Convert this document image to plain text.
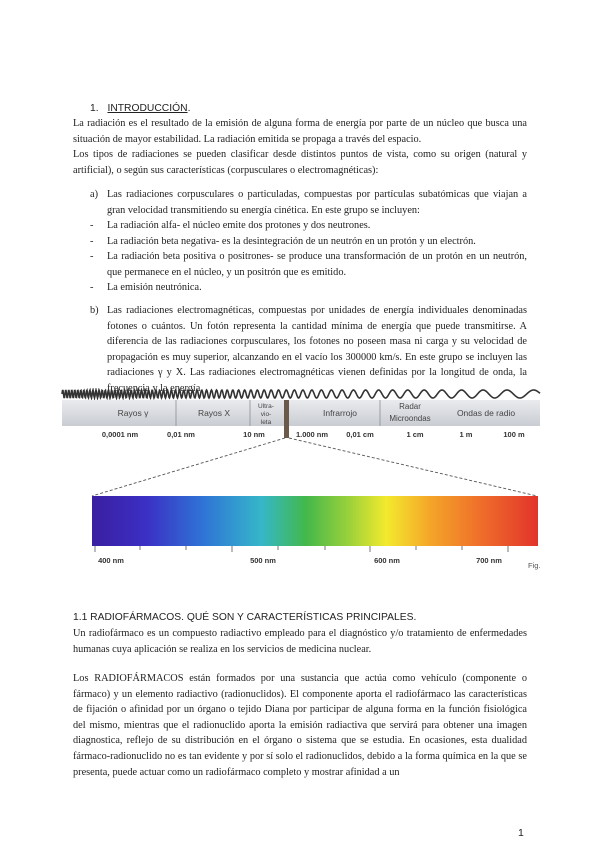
1. INTRODUCCIÓN.

La radiación es el resultado de la emisión de alguna forma de energía por parte de un núcleo que busca una situación de mayor estabilidad. La radiación emitida se propaga a través del espacio.

Los tipos de radiaciones se pueden clasificar desde distintos puntos de vista, como su origen (natural y artificial), o según sus características (corpusculares o electromagnéticas):

a) Las radiaciones corpusculares o particuladas, compuestas por partículas subatómicas que viajan a gran velocidad transmitiendo su energía cinética. En este grupo se incluyen:

- La radiación alfa- el núcleo emite dos protones y dos neutrones.

- La radiación beta negativa- es la desintegración de un neutrón en un protón y un electrón.

- La radiación beta positiva o positrones- se produce una transformación de un protón en un neutrón, que permanece en el núcleo, y un positrón que es emitido.

- La emisión neutrónica.

b) Las radiaciones electromagnéticas, compuestas por unidades de energía individuales denominadas fotones o cuántos. Un fotón representa la cantidad mínima de energía que puede transmitirse. A diferencia de las radiaciones corpusculares, los fotones no poseen masa ni carga y su velocidad de propagación es muy superior, alcanzando en el vacío los 300000 km/s. En este grupo se incluyen las radiaciones γ y X. Las radiaciones electromagnéticas vienen definidas por la longitud de onda, la frecuencia y la energía.

Rayos γ	Rayos X
Ultra-
vio-
leta
Infrarrojo
Radar
Microondas
Ondas de radio
0,0001 nm	0,01 nm	10 nm	1.000 nm 0,01 cm	1 cm	1 m	100 m
400 nm	500 nm	600 nm	700 nm
Fig.
1.1 RADIOFÁRMACOS. QUÉ SON Y CARACTERÍSTICAS PRINCIPALES.

Un radiofármaco es un compuesto radiactivo empleado para el diagnóstico y/o tratamiento de enfermedades humanas cuya aplicación se realiza en los servicios de medicina nuclear.

Los RADIOFÁRMACOS están formados por una sustancia que actúa como vehículo (componente o fármaco) y un elemento radiactivo (radionuclidos). El componente aporta el radiofármaco las características de fijación o afinidad por un órgano o tejido Diana por participar de alguna forma en la función fisiológica del mismo, mientras que el radionuclido aporta la emisión radiactiva que servirá para obtener una imagen diagnostica, reflejo de su distribución en el órgano o sistema que se estudia. En ocasiones, esta dualidad fármaco-radionuclido no es tan evidente y por sí solo el radionuclidos, debido a la forma química en la que se presenta, puede actuar como un radiofármaco completo y mostrar afinidad a un

1
